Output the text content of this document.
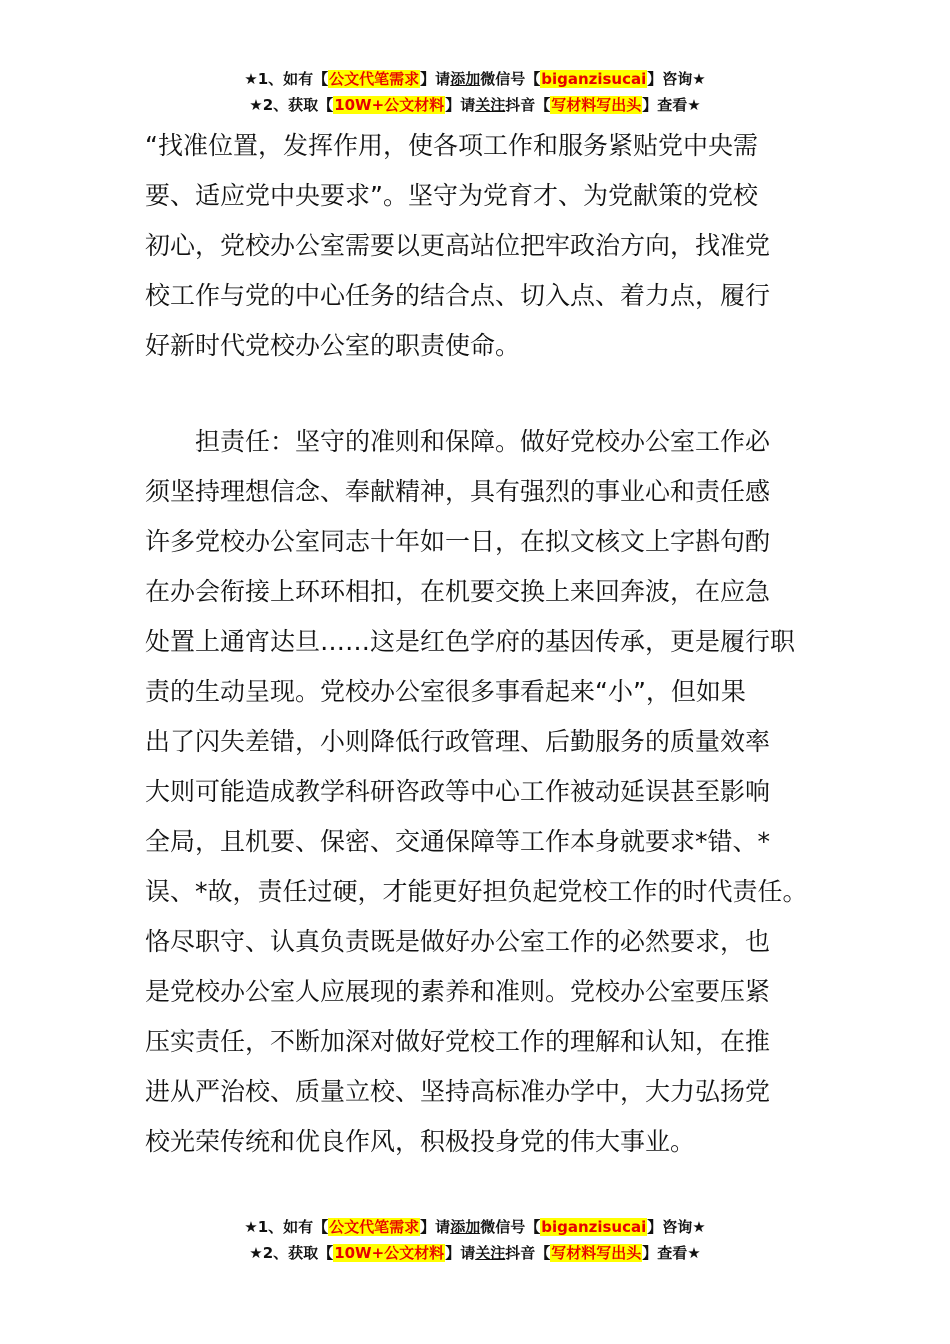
★1、如有【公文代笔需求】请添加微信号【biganzisucai】咨询★
★2、获取【10W+公文材料】请关注抖音【写材料写出头】查看★
“找准位置，发挥作用，使各项工作和服务紧贴党中央需
要、适应党中央要求”。坚守为党育才、为党献策的党校
初心，党校办公室需要以更高站位把牢政治方向，找准党
校工作与党的中心任务的结合点、切入点、着力点，履行
好新时代党校办公室的职责使命。
担责任：坚守的准则和保障。做好党校办公室工作必
须坚持理想信念、奉献精神，具有强烈的事业心和责任感
许多党校办公室同志十年如一日，在拟文核文上字斟句酌
在办会衔接上环环相扣，在机要交换上来回奔波，在应急
处置上通宵达旦……这是红色学府的基因传承，更是履行职
责的生动呈现。党校办公室很多事看起来“小”，但如果
出了闪失差错，小则降低行政管理、后勤服务的质量效率
大则可能造成教学科研咨政等中心工作被动延误甚至影响
全局，且机要、保密、交通保障等工作本身就要求*错、*
误、*故，责任过硬，才能更好担负起党校工作的时代责任。
恪尽职守、认真负责既是做好办公室工作的必然要求，也
是党校办公室人应展现的素养和准则。党校办公室要压紧
压实责任，不断加深对做好党校工作的理解和认知，在推
进从严治校、质量立校、坚持高标准办学中，大力弘扬党
校光荣传统和优良作风，积极投身党的伟大事业。
★1、如有【公文代笔需求】请添加微信号【biganzisucai】咨询★
★2、获取【10W+公文材料】请关注抖音【写材料写出头】查看★
